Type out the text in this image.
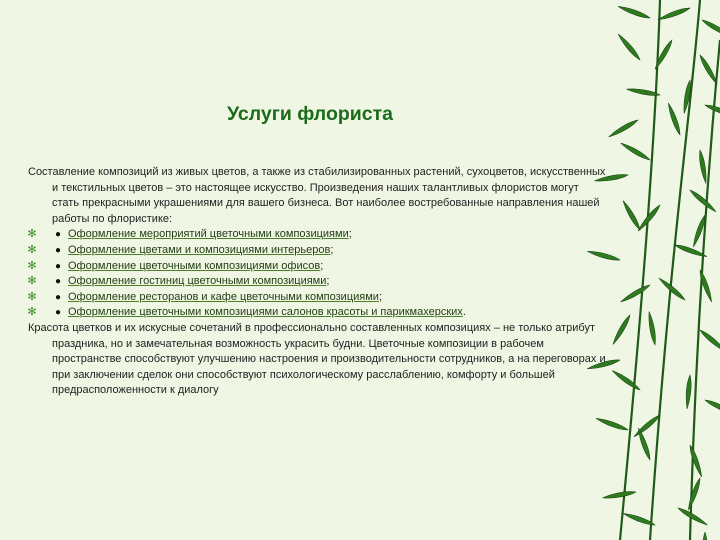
Услуги флориста

Составление композиций из живых цветов, а также из стабилизированных растений, сухоцветов, искусственных и текстильных цветов – это настоящее искусство. Произведения наших талантливых флористов могут стать прекрасными украшениями для вашего бизнеса. Вот наиболее востребованные направления нашей работы по флористике:

✻ ● Оформление мероприятий цветочными композициями;
✻ ● Оформление цветами и композициями интерьеров;
✻ ● Оформление цветочными композициями офисов;
✻ ● Оформление гостиниц цветочными композициями;
✻ ● Оформление ресторанов и кафе цветочными композициями;
✻ ● Оформление цветочными композициями салонов красоты и парикмахерских.

Красота цветков и их искусные сочетаний в профессионально составленных композициях – не только атрибут праздника, но и замечательная возможность украсить будни. Цветочные композиции в рабочем пространстве способствуют улучшению настроения и производительности сотрудников, а на переговорах и при заключении сделок они способствуют психологическому расслаблению, комфорту и большей предрасположенности к диалогу
